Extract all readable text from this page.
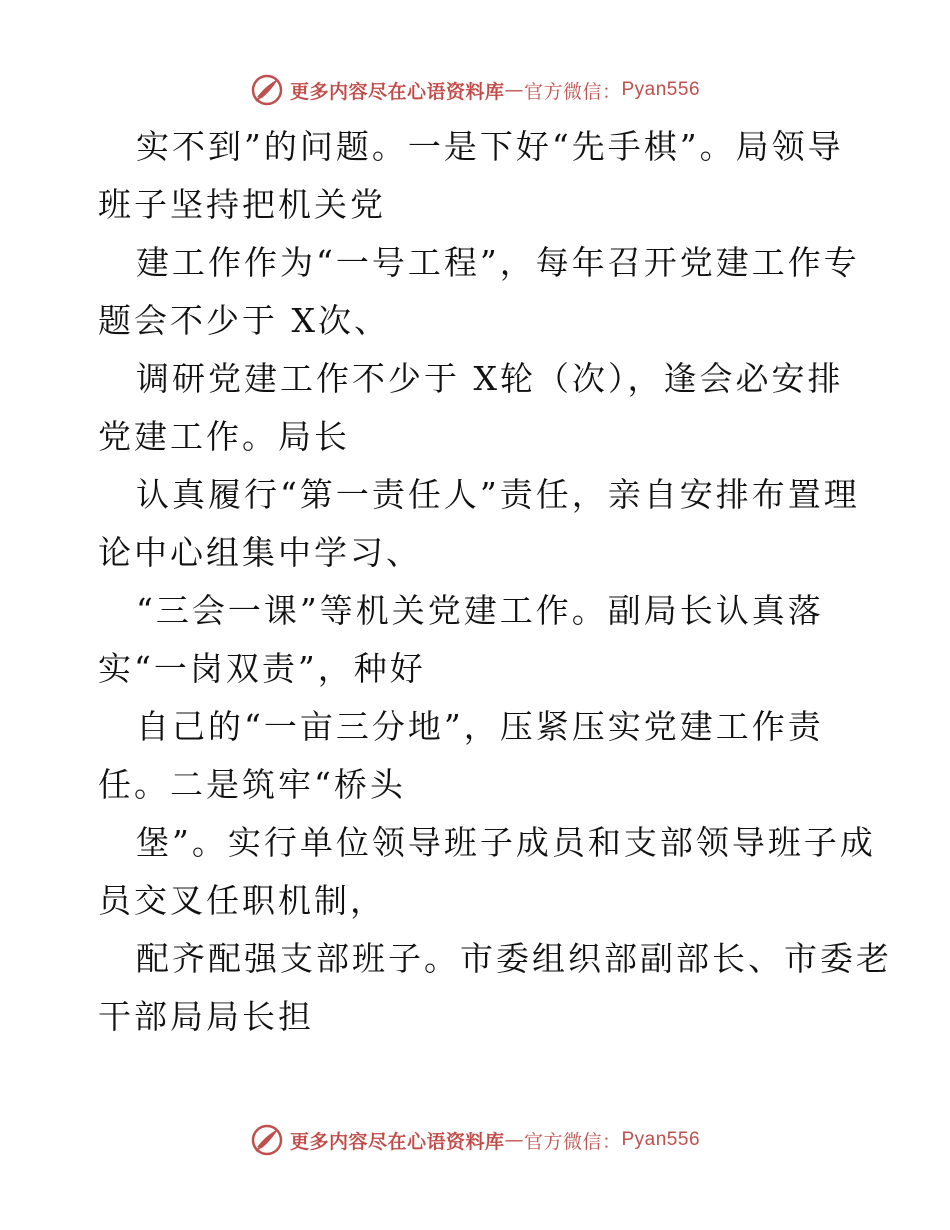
更多内容尽在心语资料库 — 官方微信： Pyan556
实不到”的问题。一是下好“先手棋”。局领导
班子坚持把机关党
建工作作为“一号工程”，每年召开党建工作专
题会不少于 X次、
调研党建工作不少于 X轮（次），逢会必安排
党建工作。局长
认真履行“第一责任人”责任，亲自安排布置理
论中心组集中学习、
“三会一课”等机关党建工作。副局长认真落
实“一岗双责”，种好
自己的“一亩三分地”，压紧压实党建工作责
任。二是筑牢“桥头
堡”。实行单位领导班子成员和支部领导班子成
员交叉任职机制，
配齐配强支部班子。市委组织部副部长、市委老
干部局局长担
更多内容尽在心语资料库 — 官方微信： Pyan556
